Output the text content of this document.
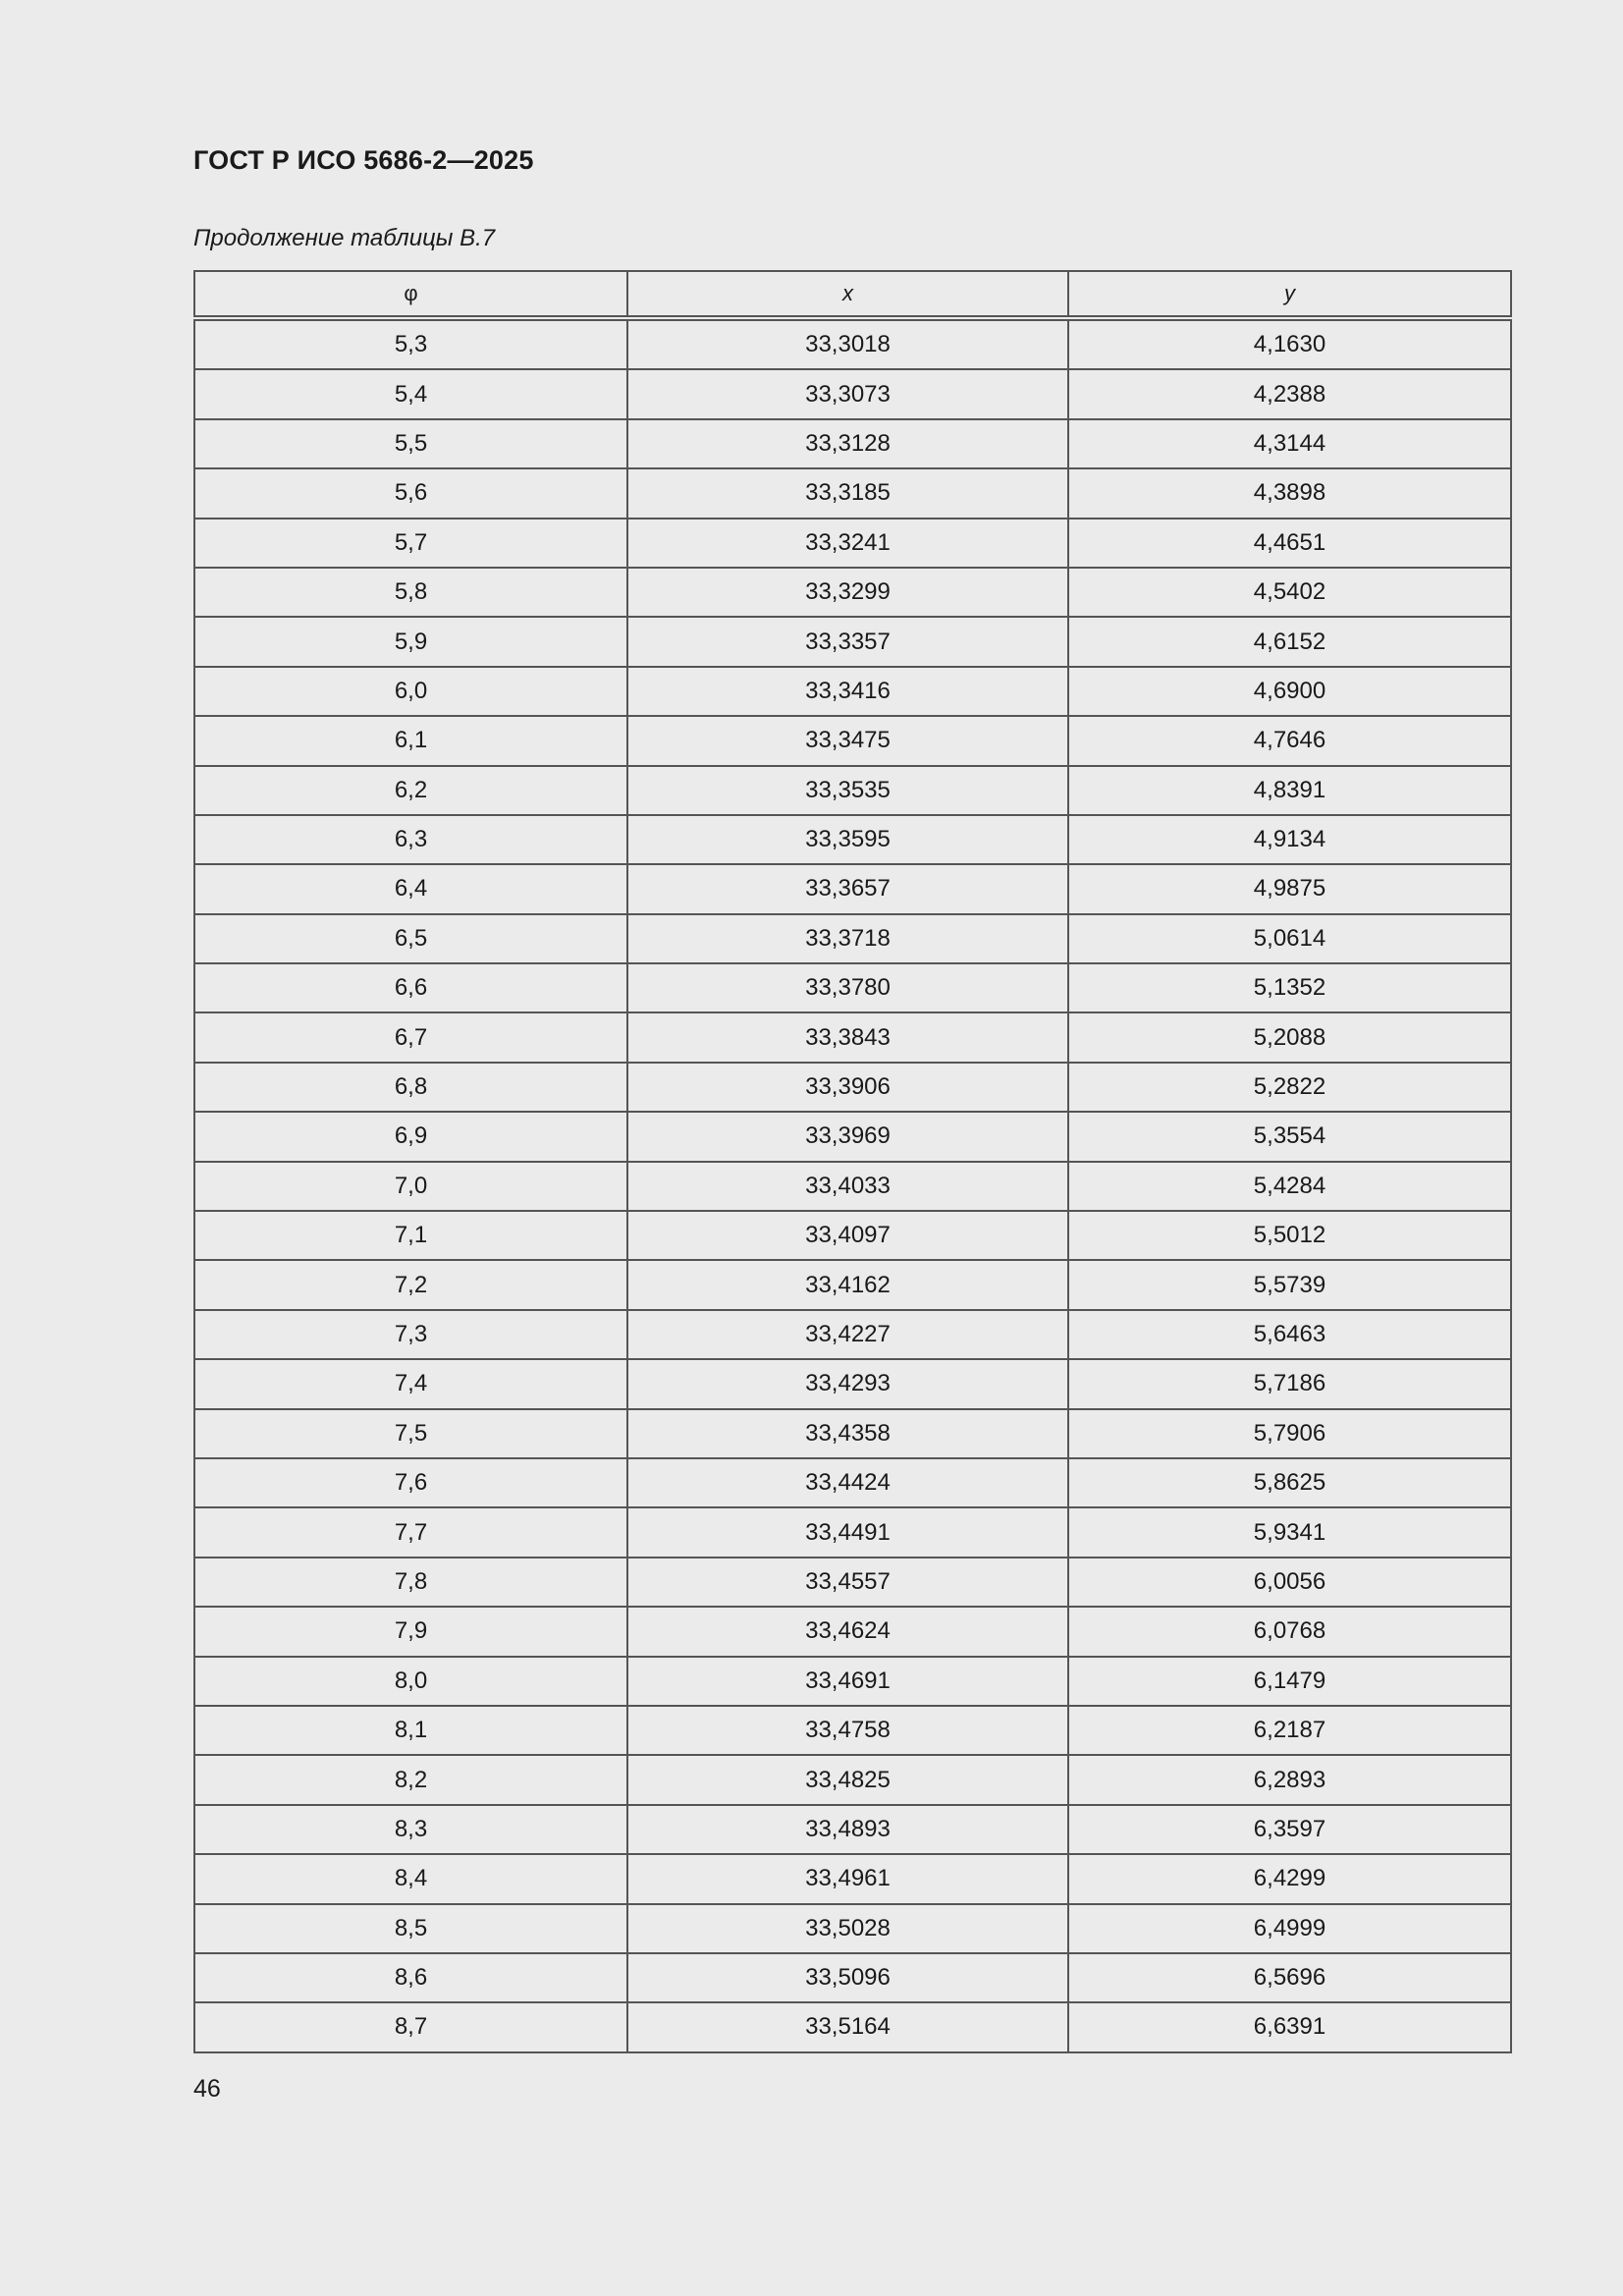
ГОСТ Р ИСО 5686-2—2025
Продолжение таблицы В.7
φ	x	y
5,3	33,3018	4,1630
5,4	33,3073	4,2388
5,5	33,3128	4,3144
5,6	33,3185	4,3898
5,7	33,3241	4,4651
5,8	33,3299	4,5402
5,9	33,3357	4,6152
6,0	33,3416	4,6900
6,1	33,3475	4,7646
6,2	33,3535	4,8391
6,3	33,3595	4,9134
6,4	33,3657	4,9875
6,5	33,3718	5,0614
6,6	33,3780	5,1352
6,7	33,3843	5,2088
6,8	33,3906	5,2822
6,9	33,3969	5,3554
7,0	33,4033	5,4284
7,1	33,4097	5,5012
7,2	33,4162	5,5739
7,3	33,4227	5,6463
7,4	33,4293	5,7186
7,5	33,4358	5,7906
7,6	33,4424	5,8625
7,7	33,4491	5,9341
7,8	33,4557	6,0056
7,9	33,4624	6,0768
8,0	33,4691	6,1479
8,1	33,4758	6,2187
8,2	33,4825	6,2893
8,3	33,4893	6,3597
8,4	33,4961	6,4299
8,5	33,5028	6,4999
8,6	33,5096	6,5696
8,7	33,5164	6,6391
46
